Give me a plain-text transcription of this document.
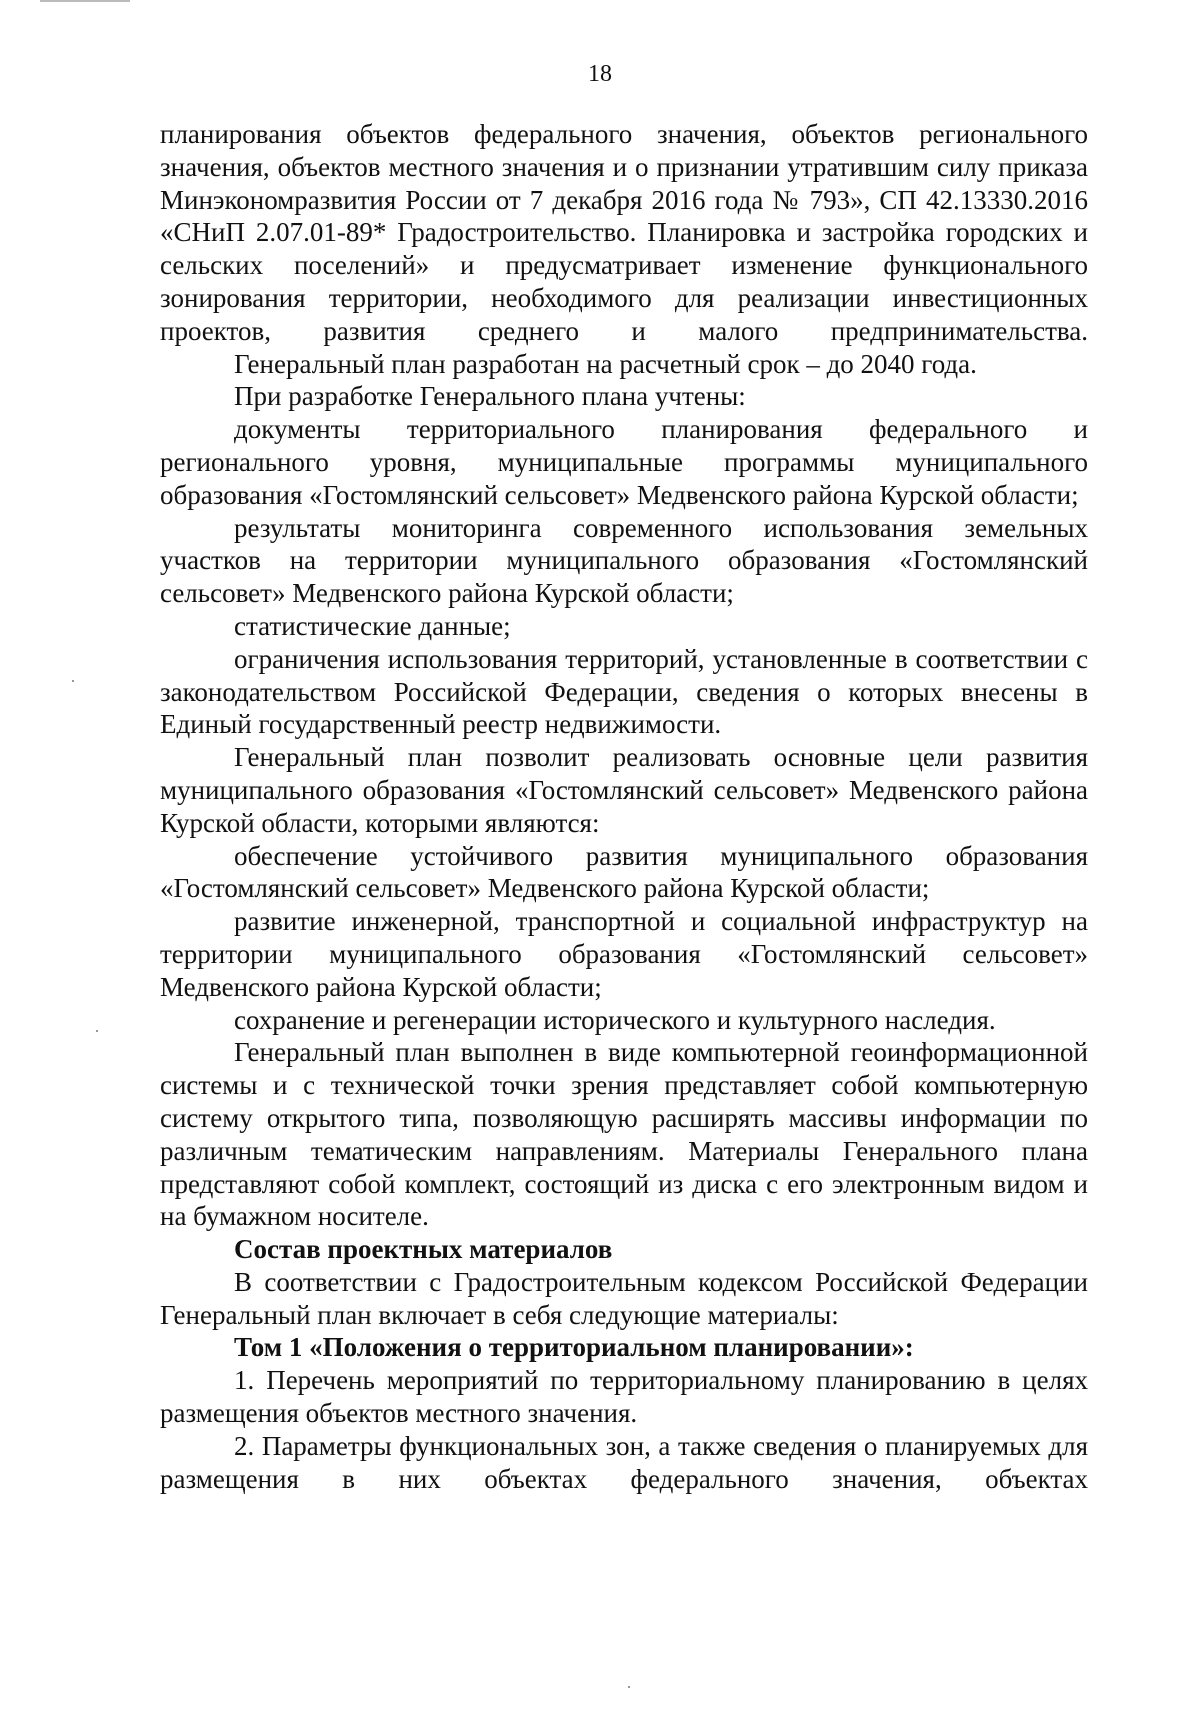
18

планирования объектов федерального значения, объектов регионального значения, объектов местного значения и о признании утратившим силу приказа Минэкономразвития России от 7 декабря 2016 года № 793», СП 42.13330.2016 «СНиП 2.07.01-89* Градостроительство. Планировка и застройка городских и сельских поселений» и предусматривает изменение функционального зонирования территории, необходимого для реализации инвестиционных проектов, развития среднего и малого предпринимательства.

Генеральный план разработан на расчетный срок – до 2040 года.

При разработке Генерального плана учтены:

документы территориального планирования федерального и регионального уровня, муниципальные программы муниципального образования «Гостомлянский сельсовет» Медвенского района Курской области;

результаты мониторинга современного использования земельных участков на территории муниципального образования «Гостомлянский сельсовет» Медвенского района Курской области;

статистические данные;

ограничения использования территорий, установленные в соответствии с законодательством Российской Федерации, сведения о которых внесены в Единый государственный реестр недвижимости.

Генеральный план позволит реализовать основные цели развития муниципального образования «Гостомлянский сельсовет» Медвенского района Курской области, которыми являются:

обеспечение устойчивого развития муниципального образования «Гостомлянский сельсовет» Медвенского района Курской области;

развитие инженерной, транспортной и социальной инфраструктур на территории муниципального образования «Гостомлянский сельсовет» Медвенского района Курской области;

сохранение и регенерации исторического и культурного наследия.

Генеральный план выполнен в виде компьютерной геоинформационной системы и с технической точки зрения представляет собой компьютерную систему открытого типа, позволяющую расширять массивы информации по различным тематическим направлениям. Материалы Генерального плана представляют собой комплект, состоящий из диска с его электронным видом и на бумажном носителе.

Состав проектных материалов

В соответствии с Градостроительным кодексом Российской Федерации Генеральный план включает в себя следующие материалы:

Том 1 «Положения о территориальном планировании»:

1. Перечень мероприятий по территориальному планированию в целях размещения объектов местного значения.

2. Параметры функциональных зон, а также сведения о планируемых для размещения в них объектах федерального значения, объектах
